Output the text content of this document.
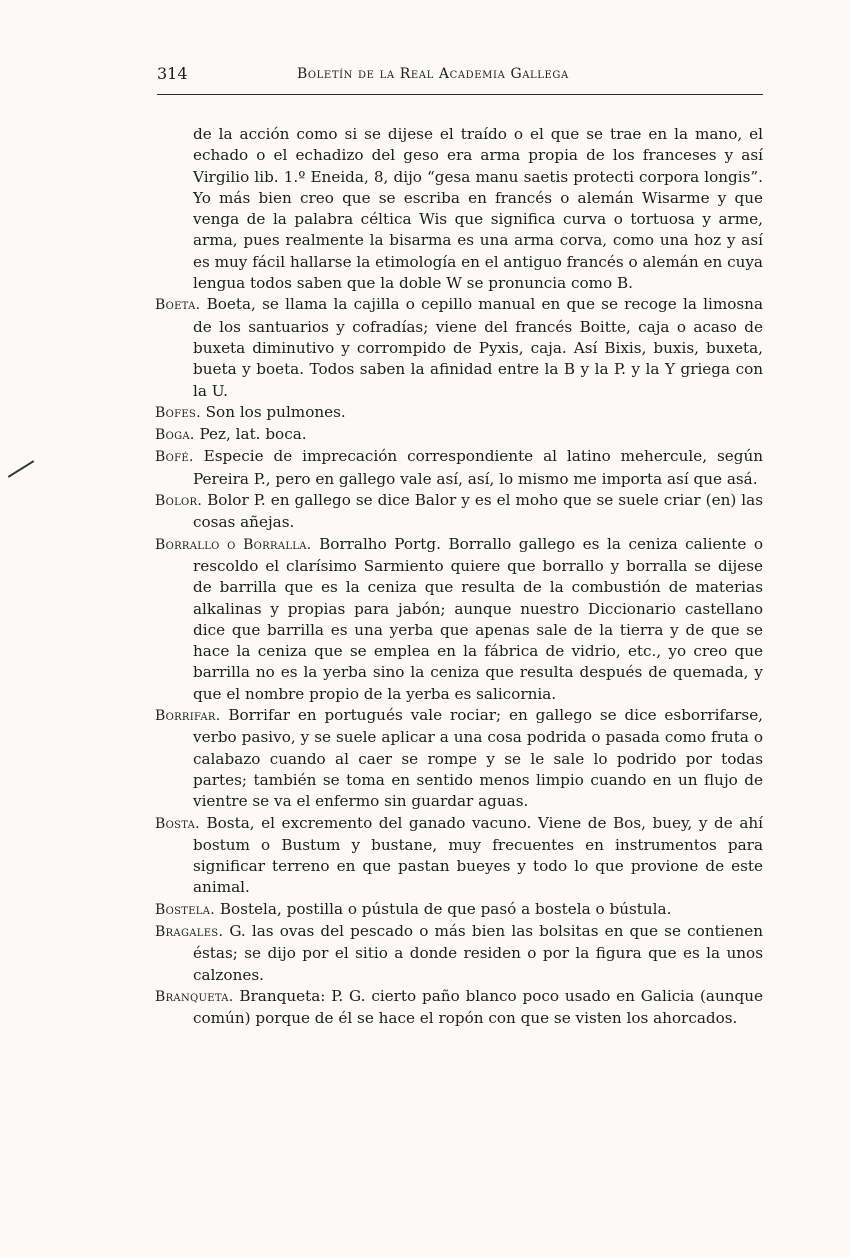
314	Boletín de la Real Academia Gallega

de la acción como si se dijese el traído o el que se trae en la mano, el echado o el echadizo del geso era arma propia de los franceses y así Virgilio lib. 1.º Eneida, 8, dijo “gesa manu saetis protecti corpora longis”. Yo más bien creo que se escriba en francés o alemán Wisarme y que venga de la palabra céltica Wis que significa curva o tortuosa y arme, arma, pues realmente la bisarma es una arma corva, como una hoz y así es muy fácil hallarse la etimología en el antiguo francés o alemán en cuya lengua todos saben que la doble W se pronuncia como B.

Boeta. Boeta, se llama la cajilla o cepillo manual en que se recoge la limosna de los santuarios y cofradías; viene del francés Boitte, caja o acaso de buxeta diminutivo y corrompido de Pyxis, caja. Así Bixis, buxis, buxeta, bueta y boeta. Todos saben la afinidad entre la B y la P. y la Y griega con la U.

Bofes. Son los pulmones.

Boga. Pez, lat. boca.

Bofé. Especie de imprecación correspondiente al latino mehercule, según Pereira P., pero en gallego vale así, así, lo mismo me importa así que asá.

Bolor. Bolor P. en gallego se dice Balor y es el moho que se suele criar (en) las cosas añejas.

Borrallo o Borralla. Borralho Portg. Borrallo gallego es la ceniza caliente o rescoldo el clarísimo Sarmiento quiere que borrallo y borralla se dijese de barrilla que es la ceniza que resulta de la combustión de materias alkalinas y propias para jabón; aunque nuestro Diccionario castellano dice que barrilla es una yerba que apenas sale de la tierra y de que se hace la ceniza que se emplea en la fábrica de vidrio, etc., yo creo que barrilla no es la yerba sino la ceniza que resulta después de quemada, y que el nombre propio de la yerba es salicornia.

Borrifar. Borrifar en portugués vale rociar; en gallego se dice esborrifarse, verbo pasivo, y se suele aplicar a una cosa podrida o pasada como fruta o calabazo cuando al caer se rompe y se le sale lo podrido por todas partes; también se toma en sentido menos limpio cuando en un flujo de vientre se va el enfermo sin guardar aguas.

Bosta. Bosta, el excremento del ganado vacuno. Viene de Bos, buey, y de ahí bostum o Bustum y bustane, muy frecuentes en instrumentos para significar terreno en que pastan bueyes y todo lo que provione de este animal.

Bostela. Bostela, postilla o pústula de que pasó a bostela o bústula.

Bragales. G. las ovas del pescado o más bien las bolsitas en que se contienen éstas; se dijo por el sitio a donde residen o por la figura que es la unos calzones.

Branqueta. Branqueta: P. G. cierto paño blanco poco usado en Galicia (aunque común) porque de él se hace el ropón con que se visten los ahorcados.
